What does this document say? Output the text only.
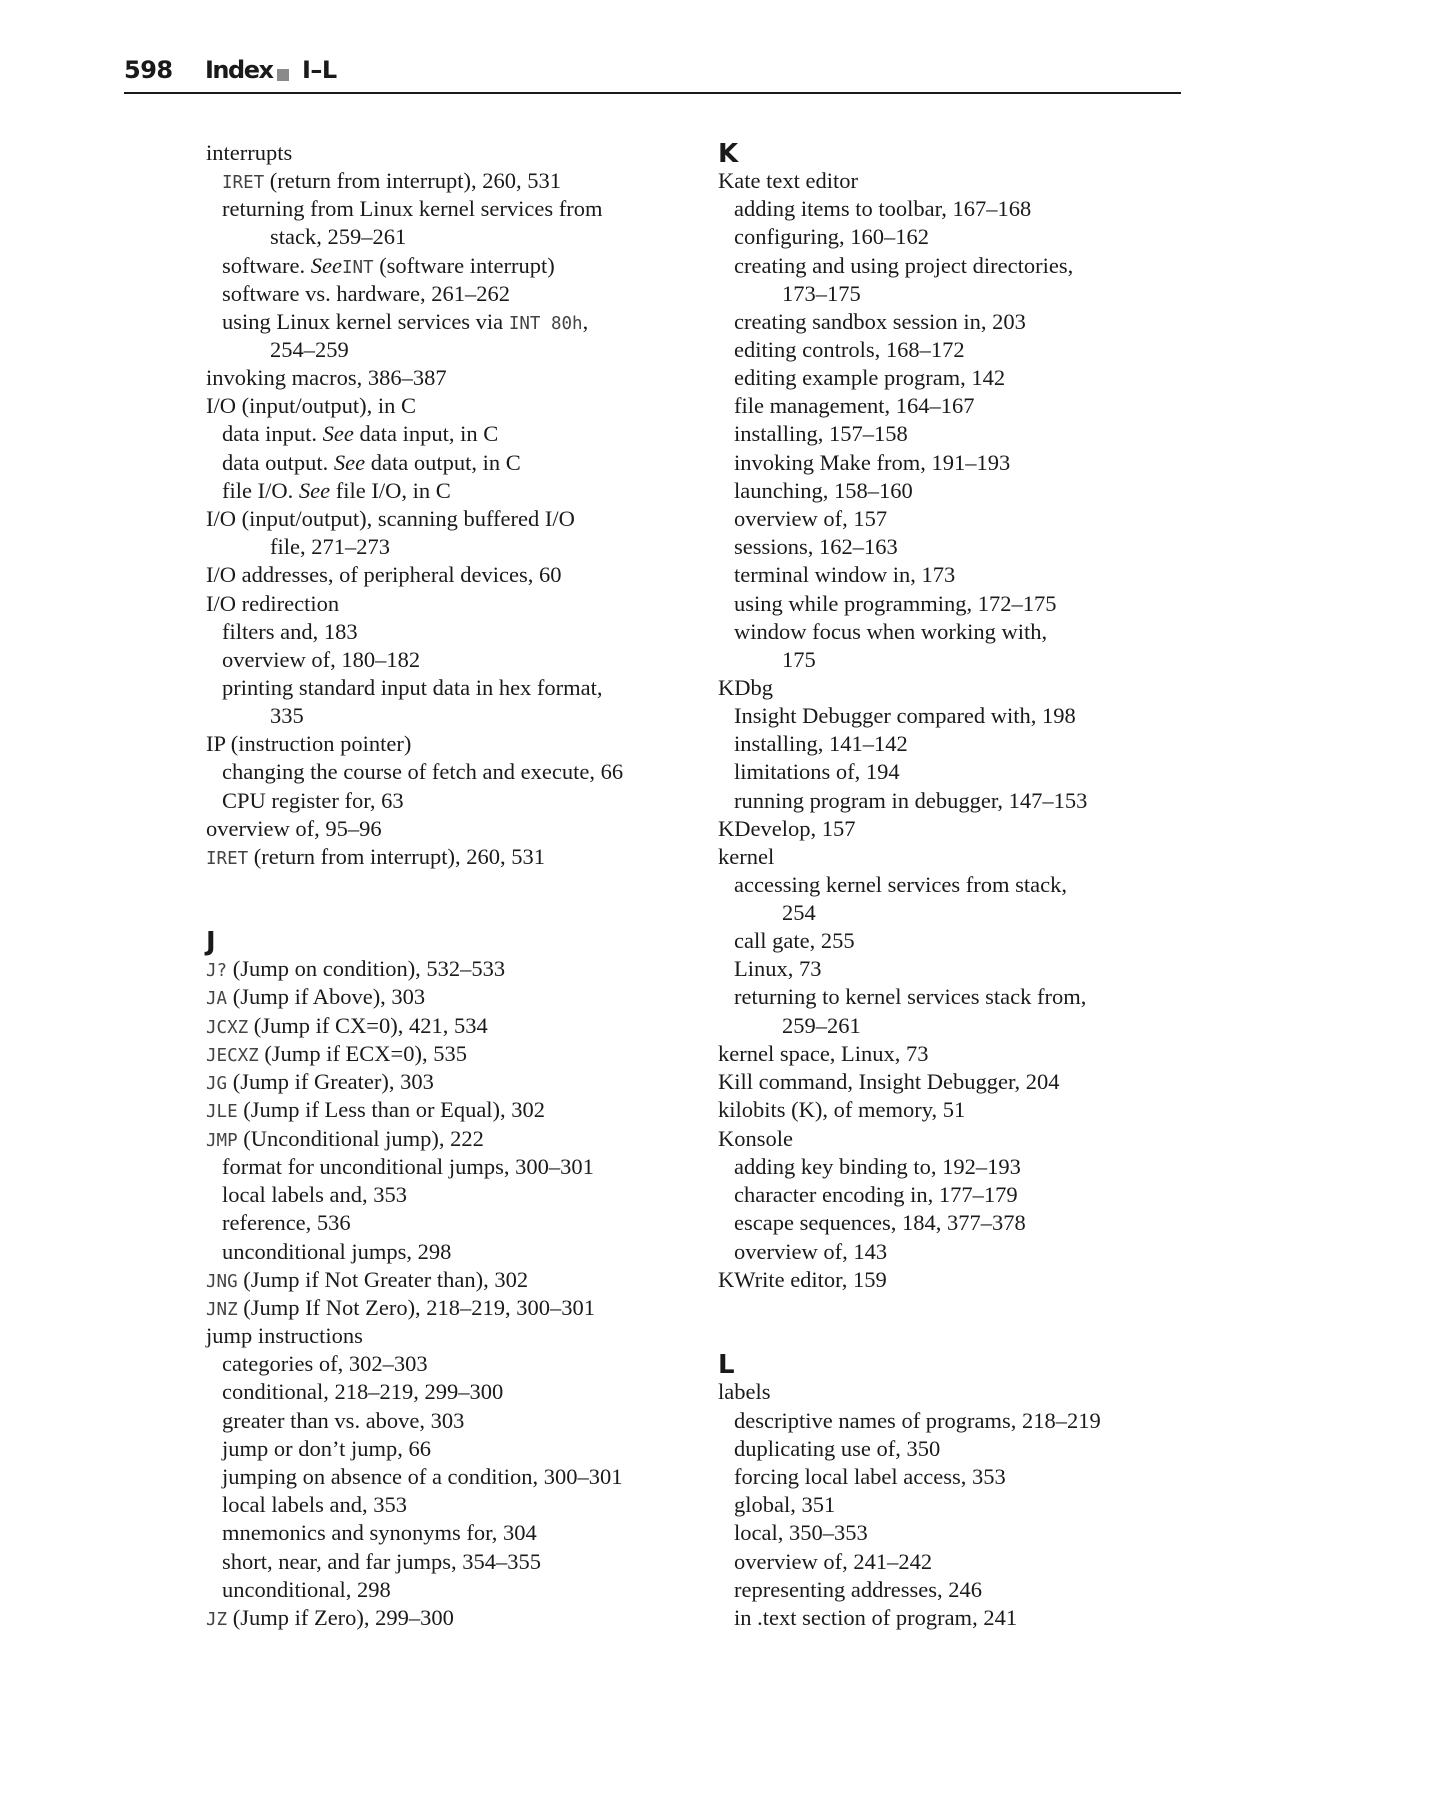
598 Index I–L
interrupts
IRET (return from interrupt), 260, 531
returning from Linux kernel services from
stack, 259–261
software. SeeINT (software interrupt)
software vs. hardware, 261–262
using Linux kernel services via INT 80h,
254–259
invoking macros, 386–387
I/O (input/output), in C
data input. See data input, in C
data output. See data output, in C
file I/O. See file I/O, in C
I/O (input/output), scanning buffered I/O
file, 271–273
I/O addresses, of peripheral devices, 60
I/O redirection
filters and, 183
overview of, 180–182
printing standard input data in hex format,
335
IP (instruction pointer)
changing the course of fetch and execute, 66
CPU register for, 63
overview of, 95–96
IRET (return from interrupt), 260, 531
J
J? (Jump on condition), 532–533
JA (Jump if Above), 303
JCXZ (Jump if CX=0), 421, 534
JECXZ (Jump if ECX=0), 535
JG (Jump if Greater), 303
JLE (Jump if Less than or Equal), 302
JMP (Unconditional jump), 222
format for unconditional jumps, 300–301
local labels and, 353
reference, 536
unconditional jumps, 298
JNG (Jump if Not Greater than), 302
JNZ (Jump If Not Zero), 218–219, 300–301
jump instructions
categories of, 302–303
conditional, 218–219, 299–300
greater than vs. above, 303
jump or don’t jump, 66
jumping on absence of a condition, 300–301
local labels and, 353
mnemonics and synonyms for, 304
short, near, and far jumps, 354–355
unconditional, 298
JZ (Jump if Zero), 299–300
K
Kate text editor
adding items to toolbar, 167–168
configuring, 160–162
creating and using project directories,
173–175
creating sandbox session in, 203
editing controls, 168–172
editing example program, 142
file management, 164–167
installing, 157–158
invoking Make from, 191–193
launching, 158–160
overview of, 157
sessions, 162–163
terminal window in, 173
using while programming, 172–175
window focus when working with,
175
KDbg
Insight Debugger compared with, 198
installing, 141–142
limitations of, 194
running program in debugger, 147–153
KDevelop, 157
kernel
accessing kernel services from stack,
254
call gate, 255
Linux, 73
returning to kernel services stack from,
259–261
kernel space, Linux, 73
Kill command, Insight Debugger, 204
kilobits (K), of memory, 51
Konsole
adding key binding to, 192–193
character encoding in, 177–179
escape sequences, 184, 377–378
overview of, 143
KWrite editor, 159
L
labels
descriptive names of programs, 218–219
duplicating use of, 350
forcing local label access, 353
global, 351
local, 350–353
overview of, 241–242
representing addresses, 246
in .text section of program, 241
